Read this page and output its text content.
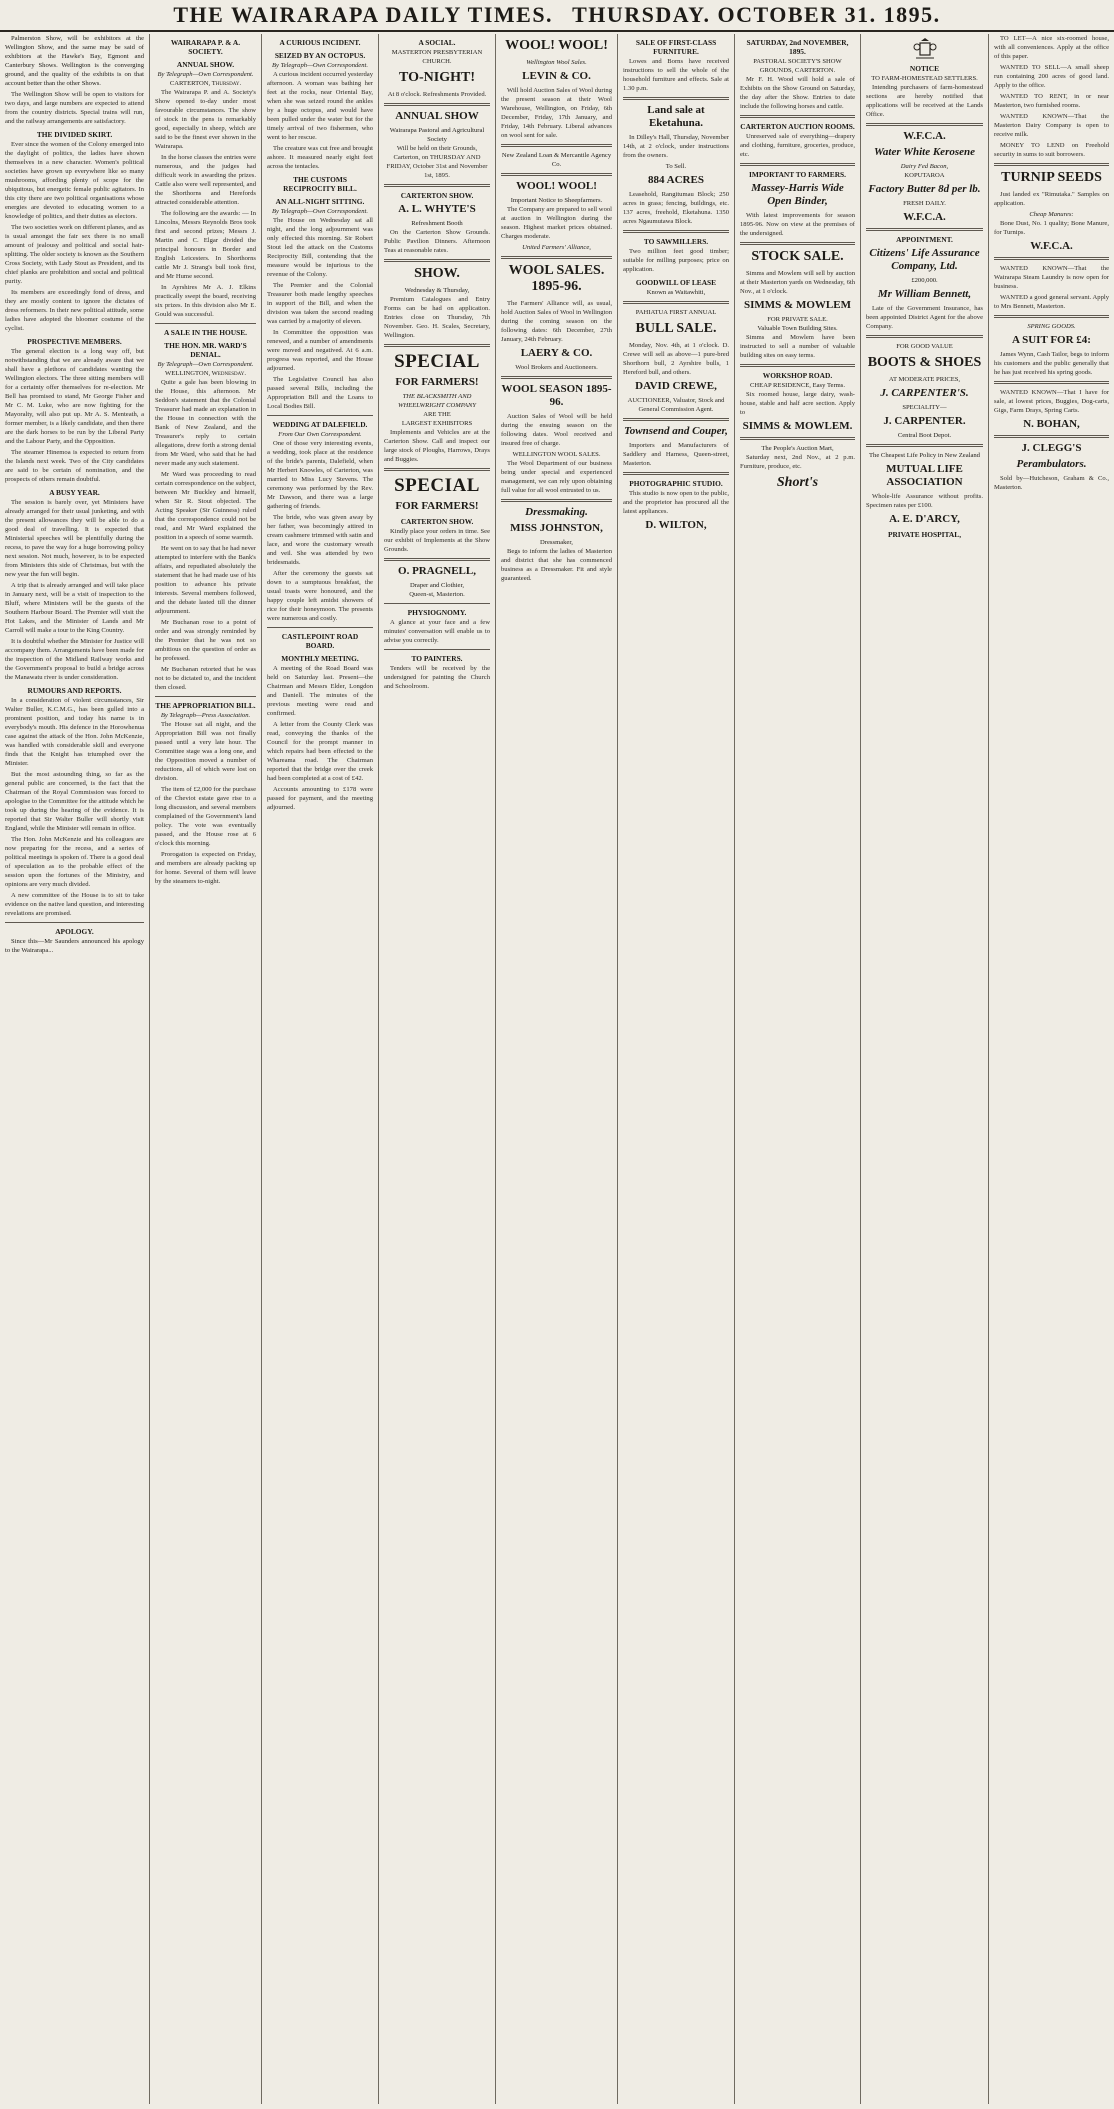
THE WAIRARAPA DAILY TIMES. THURSDAY. OCTOBER 31. 1895.

Palmerston Show, will be exhibitors at the Wellington Show, and the same may be said of exhibitors at the Hawke's Bay, Egmont and Canterbury Shows. Wellington is the converging ground, and the quality of the exhibits is on that account better than the other Shows.

The Wellington Show will be open to visitors for two days, and large numbers are expected to attend from the country districts. Special trains will run, and the railway arrangements are satisfactory.

THE DIVIDED SKIRT.

Ever since the women of the Colony emerged into the daylight of politics, the ladies have shown themselves in a new character. Women's political societies have grown up everywhere like so many mushrooms, affording plenty of scope for the ubiquitous, but energetic female public agitators. In this city there are two political organisations whose energies are devoted to educating women to a knowledge of politics, and their duties as electors.

The two societies work on different planes, and as is usual amongst the fair sex there is no small amount of jealousy and political and social hair-splitting. The older society is known as the Southern Cross Society, with Lady Stout as President, and its chief planks are prohibition and social and political purity.

Its members are exceedingly fond of dress, and they are mostly content to ignore the dictates of dress reformers. In their new political attitude, some ladies have adopted the bloomer costume of the cyclist.

PROSPECTIVE MEMBERS.

The general election is a long way off, but notwithstanding that we are already aware that we shall have a plethora of candidates wanting the Wellington electors. The three sitting members will for a certainty offer themselves for re-election. Mr Bell has promised to stand, Mr George Fisher and Mr C. M. Luke, who are now fighting for the Mayoralty, will also put up. Mr A. S. Menteath, a former member, is a likely candidate, and then there are the dark horses to be run by the Liberal Party and the Labour Party, and the Opposition.

The steamer Hinemoa is expected to return from the Islands next week. Two of the City candidates are said to be certain of nomination, and the prospects of others remain doubtful.

A BUSY YEAR.

The session is barely over, yet Ministers have already arranged for their usual junketing, and with the present allowances they will be able to do a good deal of travelling. It is expected that Ministerial speeches will be plentifully during the recess, to pave the way for a huge borrowing policy next session. Not much, however, is to be expected from Ministers this side of Christmas, but with the new year the fun will begin.

A trip that is already arranged and will take place in January next, will be a visit of inspection to the Bluff, where Ministers will be the guests of the Southern Harbour Board. The Premier will visit the Hot Lakes, and the Minister of Lands and Mr Carroll will make a tour to the King Country.

It is doubtful whether the Minister for Justice will accompany them. Arrangements have been made for the inspection of the Midland Railway works and the Government's proposal to build a bridge across the Manawatu river is under consideration.

RUMOURS AND REPORTS.

In a consideration of violent circumstances, Sir Walter Buller, K.C.M.G., has been gulled into a prominent position, and today his name is in everybody's mouth. His defence in the Horowhenua case against the attack of the Hon. John McKenzie, was handled with considerable skill and everyone finds that the Knight has triumphed over the Minister.

But the most astounding thing, so far as the general public are concerned, is the fact that the Chairman of the Royal Commission was forced to apologise to the Committee for the attitude which he took up during the hearing of the evidence. It is reported that Sir Walter Buller will shortly visit England, while the Minister will remain in office.

The Hon. John McKenzie and his colleagues are now preparing for the recess, and a series of political meetings is spoken of. There is a good deal of speculation as to the probable effect of the session upon the fortunes of the Ministry, and opinions are very much divided.

A new committee of the House is to sit to take evidence on the native land question, and interesting revelations are promised.

APOLOGY.

Since this—Mr Saunders announced his apology to the Wairarapa...

WAIRARAPA P. & A. SOCIETY.
ANNUAL SHOW.
By Telegraph—Own Correspondent.
CARTERTON, Thursday.

The Wairarapa P. and A. Society's Show opened to-day under most favourable circumstances. The show of stock in the pens is remarkably good, especially in sheep, which are said to be the finest ever shown in the Wairarapa.

In the horse classes the entries were numerous, and the judges had difficult work in awarding the prizes. Cattle also were well represented, and the Shorthorns and Herefords attracted considerable attention.

The following are the awards: — In Lincolns, Messrs Reynolds Bros took first and second prizes; Messrs J. Martin and C. Elgar divided the principal honours in Border and English Leicesters. In Shorthorns cattle Mr J. Strang's bull took first, and Mr Hume second.

In Ayrshires Mr A. J. Elkins practically swept the board, receiving six prizes. In this division also Mr E. Gould was successful.

A SALE IN THE HOUSE.
THE HON. MR. WARD'S DENIAL.
By Telegraph—Own Correspondent.
WELLINGTON, Wednesday.

Quite a gale has been blowing in the House, this afternoon. Mr Seddon's statement that the Colonial Treasurer had made an explanation in the House in connection with the Bank of New Zealand, and the Treasurer's reply to certain allegations, drew forth a strong denial from Mr Ward, who said that he had never made any such statement.

Mr Ward was proceeding to read certain correspondence on the subject, between Mr Buckley and himself, when Sir R. Stout objected. The Acting Speaker (Sir Guinness) ruled that the correspondence could not be read, and Mr Ward explained the position in a speech of some warmth.

He went on to say that he had never attempted to interfere with the Bank's affairs, and repudiated absolutely the statement that he had made use of his position to advance his private interests. Several members followed, and the debate lasted till the dinner adjournment.

Mr Buchanan rose to a point of order and was strongly reminded by the Premier that he was not so ambitious on the question of order as he professed.

Mr Buchanan retorted that he was not to be dictated to, and the incident then closed.

THE APPROPRIATION BILL.
By Telegraph—Press Association.

The House sat all night, and the Appropriation Bill was not finally passed until a very late hour. The Committee stage was a long one, and the Opposition moved a number of reductions, all of which were lost on division.

The item of £2,000 for the purchase of the Cheviot estate gave rise to a long discussion, and several members complained of the Government's land policy. The vote was eventually passed, and the House rose at 6 o'clock this morning.

Prorogation is expected on Friday, and members are already packing up for home. Several of them will leave by the steamers to-night.

A CURIOUS INCIDENT.
SEIZED BY AN OCTOPUS.
By Telegraph—Own Correspondent.

A curious incident occurred yesterday afternoon. A woman was bathing her feet at the rocks, near Oriental Bay, when she was seized round the ankles by a huge octopus, and would have been pulled under the water but for the timely arrival of two fishermen, who went to her rescue.

The creature was cut free and brought ashore. It measured nearly eight feet across the tentacles.

THE CUSTOMS RECIPROCITY BILL.
AN ALL-NIGHT SITTING.
By Telegraph—Own Correspondent.

The House on Wednesday sat all night, and the long adjournment was only effected this morning. Sir Robert Stout led the attack on the Customs Reciprocity Bill, contending that the measure would be injurious to the revenue of the Colony.

The Premier and the Colonial Treasurer both made lengthy speeches in support of the Bill, and when the division was taken the second reading was carried by a majority of eleven.

In Committee the opposition was renewed, and a number of amendments were moved and negatived. At 6 a.m. progress was reported, and the House adjourned.

The Legislative Council has also passed several Bills, including the Appropriation Bill and the Loans to Local Bodies Bill.

WEDDING AT DALEFIELD.
From Our Own Correspondent.

One of those very interesting events, a wedding, took place at the residence of the bride's parents, Dalefield, when Mr Herbert Knowles, of Carterton, was married to Miss Lucy Stevens. The ceremony was performed by the Rev. Mr Dawson, and there was a large gathering of friends.

The bride, who was given away by her father, was becomingly attired in cream cashmere trimmed with satin and lace, and wore the customary wreath and veil. She was attended by two bridesmaids.

After the ceremony the guests sat down to a sumptuous breakfast, the usual toasts were honoured, and the happy couple left amidst showers of rice for their honeymoon. The presents were numerous and costly.

CASTLEPOINT ROAD BOARD.
MONTHLY MEETING.

A meeting of the Road Board was held on Saturday last. Present—the Chairman and Messrs Elder, Longdon and Daniell. The minutes of the previous meeting were read and confirmed.

A letter from the County Clerk was read, conveying the thanks of the Council for the prompt manner in which repairs had been effected to the Whareama road. The Chairman reported that the bridge over the creek had been completed at a cost of £42.

Accounts amounting to £178 were passed for payment, and the meeting adjourned.

A SOCIAL.
MASTERTON PRESBYTERIAN CHURCH.
TO-NIGHT!
At 8 o'clock. Refreshments Provided.
ANNUAL SHOW
Wairarapa Pastoral and Agricultural Society
Will be held on their Grounds, Carterton, on THURSDAY AND FRIDAY, October 31st and November 1st, 1895.
CARTERTON SHOW.
A. L. WHYTE'S
Refreshment Booth

On the Carterton Show Grounds. Public Pavilion Dinners. Afternoon Teas at reasonable rates.

SHOW.
Wednesday & Thursday,

Premium Catalogues and Entry Forms can be had on application. Entries close on Thursday, 7th November. Geo. H. Scales, Secretary, Wellington.

SPECIAL
FOR FARMERS!
THE BLACKSMITH AND WHEELWRIGHT COMPANY
ARE THE
LARGEST EXHIBITORS

Implements and Vehicles are at the Carterton Show. Call and inspect our large stock of Ploughs, Harrows, Drays and Buggies.

SPECIAL
FOR FARMERS!
CARTERTON SHOW.

Kindly place your orders in time. See our exhibit of Implements at the Show Grounds.

O. PRAGNELL,
Draper and Clothier,
Queen-st, Masterton.
PHYSIOGNOMY.

A glance at your face and a few minutes' conversation will enable us to advise you correctly.

TO PAINTERS.

Tenders will be received by the undersigned for painting the Church and Schoolroom.

WOOL! WOOL!
Wellington Wool Sales.
LEVIN & CO.

Will hold Auction Sales of Wool during the present season at their Wool Warehouse, Wellington, on Friday, 6th December, Friday, 17th January, and Friday, 14th February. Liberal advances on wool sent for sale.

New Zealand Loan & Mercantile Agency Co.
WOOL! WOOL!
Important Notice to Sheepfarmers.

The Company are prepared to sell wool at auction in Wellington during the season. Highest market prices obtained. Charges moderate.

United Farmers' Alliance,
WOOL SALES. 1895-96.

The Farmers' Alliance will, as usual, hold Auction Sales of Wool in Wellington during the coming season on the following dates: 6th December, 27th January, 24th February.

LAERY & CO.
Wool Brokers and Auctioneers.
WOOL SEASON 1895-96.

Auction Sales of Wool will be held during the ensuing season on the following dates. Wool received and insured free of charge.

WELLINGTON WOOL SALES.

The Wool Department of our business being under special and experienced management, we can rely upon obtaining full value for all wool entrusted to us.

Dressmaking.
MISS JOHNSTON,
Dressmaker,

Begs to inform the ladies of Masterton and district that she has commenced business as a Dressmaker. Fit and style guaranteed.

SALE OF FIRST-CLASS FURNITURE.

Lowes and Borns have received instructions to sell the whole of the household furniture and effects. Sale at 1.30 p.m.

Land sale at Eketahuna.

In Dilley's Hall, Thursday, November 14th, at 2 o'clock, under instructions from the owners.

To Sell.
884 ACRES

Leasehold, Rangitumau Block; 250 acres in grass; fencing, buildings, etc. 137 acres, freehold, Eketahuna. 1350 acres Ngaumutawa Block.

TO SAWMILLERS.

Two million feet good timber; suitable for milling purposes; price on application.

GOODWILL OF LEASE
Known as Waitawhiti,
PAHIATUA FIRST ANNUAL
BULL SALE.

Monday, Nov. 4th, at 1 o'clock. D. Crewe will sell as above—1 pure-bred Shorthorn bull, 2 Ayrshire bulls, 1 Hereford bull, and others.

DAVID CREWE,
AUCTIONEER, Valuator, Stock and General Commission Agent.
Townsend and Couper,

Importers and Manufacturers of Saddlery and Harness, Queen-street, Masterton.

PHOTOGRAPHIC STUDIO.

This studio is now open to the public, and the proprietor has procured all the latest appliances.

D. WILTON,
SATURDAY, 2nd NOVEMBER, 1895.
PASTORAL SOCIETY'S SHOW GROUNDS, CARTERTON.

Mr F. H. Wood will hold a sale of Exhibits on the Show Ground on Saturday, the day after the Show. Entries to date include the following horses and cattle.

CARTERTON AUCTION ROOMS.

Unreserved sale of everything—drapery and clothing, furniture, groceries, produce, etc.

IMPORTANT TO FARMERS.
Massey-Harris Wide Open Binder,

With latest improvements for season 1895-96. Now on view at the premises of the undersigned.

STOCK SALE.

Simms and Mowlem will sell by auction at their Masterton yards on Wednesday, 6th Nov., at 1 o'clock.

SIMMS & MOWLEM
FOR PRIVATE SALE.
Valuable Town Building Sites.

Simms and Mowlem have been instructed to sell a number of valuable building sites on easy terms.

WORKSHOP ROAD.
CHEAP RESIDENCE, Easy Terms.

Six roomed house, large dairy, wash-house, stable and half acre section. Apply to

SIMMS & MOWLEM.
The People's Auction Mart,

Saturday next, 2nd Nov., at 2 p.m. Furniture, produce, etc.

Short's
NOTICE
TO FARM-HOMESTEAD SETTLERS.

Intending purchasers of farm-homestead sections are hereby notified that applications will be received at the Lands Office.

W.F.C.A.
Water White Kerosene
Dairy Fed Bacon,
KOPUTAROA
Factory Butter 8d per lb.
FRESH DAILY.
W.F.C.A.
APPOINTMENT.
Citizens' Life Assurance Company, Ltd.
£200,000.
Mr William Bennett,

Late of the Government Insurance, has been appointed District Agent for the above Company.

FOR GOOD VALUE
BOOTS & SHOES
AT MODERATE PRICES,
J. CARPENTER'S.
SPECIALITY—
J. CARPENTER.
Central Boot Depot.
The Cheapest Life Policy in New Zealand
MUTUAL LIFE ASSOCIATION

Whole-life Assurance without profits. Specimen rates per £100.

A. E. D'ARCY,
PRIVATE HOSPITAL,

TO LET—A nice six-roomed house, with all conveniences. Apply at the office of this paper.

WANTED TO SELL—A small sheep run containing 200 acres of good land. Apply to the office.

WANTED TO RENT, in or near Masterton, two furnished rooms.

WANTED KNOWN—That the Masterton Dairy Company is open to receive milk.

MONEY TO LEND on Freehold security in sums to suit borrowers.

TURNIP SEEDS

Just landed ex "Rimutaka." Samples on application.

Cheap Manures:

Bone Dust, No. 1 quality; Bone Manure, for Turnips.

W.F.C.A.

WANTED KNOWN—That the Wairarapa Steam Laundry is now open for business.

WANTED a good general servant. Apply to Mrs Bennett, Masterton.

SPRING GOODS.
A SUIT FOR £4:

James Wynn, Cash Tailor, begs to inform his customers and the public generally that he has just received his spring goods.

WANTED KNOWN—That I have for sale, at lowest prices, Buggies, Dog-carts, Gigs, Farm Drays, Spring Carts.

N. BOHAN,
J. CLEGG'S
Perambulators.

Sold by—Hutcheson, Graham & Co., Masterton.
